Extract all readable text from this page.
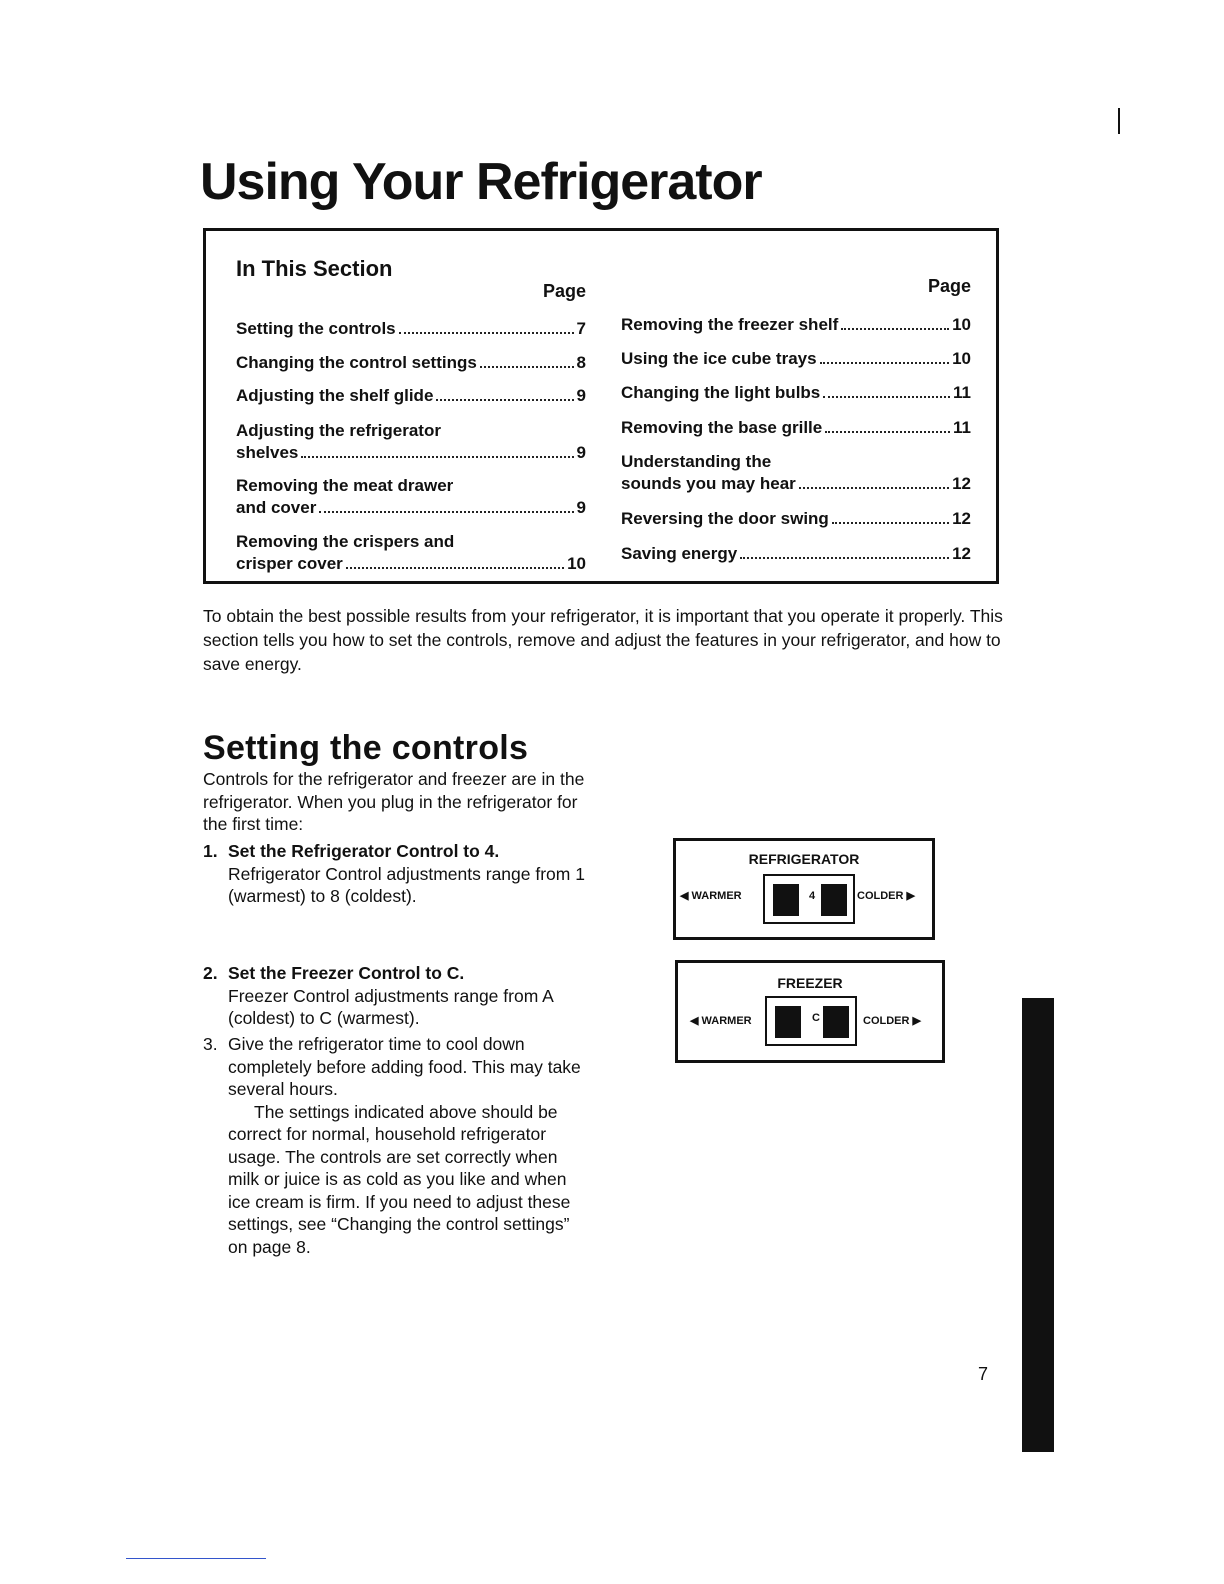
Using Your Refrigerator
In This Section
Page
Setting the controls	7
Changing the control settings	8
Adjusting the shelf glide	9
Adjusting the refrigerator
shelves	9
Removing the meat drawer
and cover	9
Removing the crispers and
crisper cover	10
Page
Removing the freezer shelf	10
Using the ice cube trays	10
Changing the light bulbs	11
Removing the base grille	11
Understanding the
sounds you may hear	12
Reversing the door swing	12
Saving energy	12

To obtain the best possible results from your refrigerator, it is important that you operate it properly. This section tells you how to set the controls, remove and adjust the features in your refrigerator, and how to save energy.

Setting the controls

Controls for the refrigerator and freezer are in the refrigerator. When you plug in the refrigerator for the first time:

1. Set the Refrigerator Control to 4.
Refrigerator Control adjustments range from 1 (warmest) to 8 (coldest).
2. Set the Freezer Control to C.
Freezer Control adjustments range from A (coldest) to C (warmest).
3. Give the refrigerator time to cool down completely before adding food. This may take several hours.
The settings indicated above should be correct for normal, household refrigerator usage. The controls are set correctly when milk or juice is as cold as you like and when ice cream is firm. If you need to adjust these settings, see “Changing the control settings” on page 8.
REFRIGERATOR
◀ WARMER	4	COLDER ▶
FREEZER
◀ WARMER	C	COLDER ▶
7
